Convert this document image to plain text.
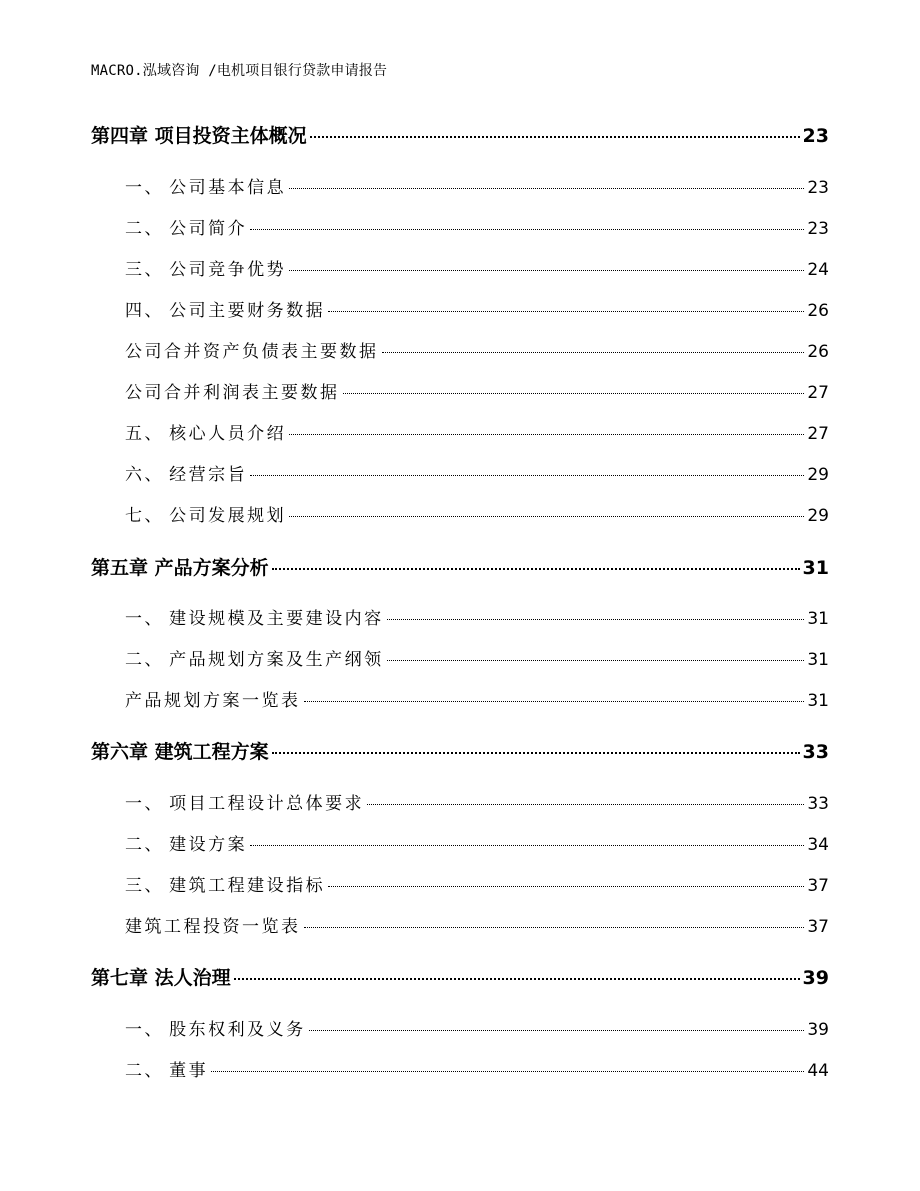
MACRO.泓域咨询 /电机项目银行贷款申请报告
第四章 项目投资主体概况	23
一、 公司基本信息	23
二、 公司简介	23
三、 公司竞争优势	24
四、 公司主要财务数据	26
公司合并资产负债表主要数据	26
公司合并利润表主要数据	27
五、 核心人员介绍	27
六、 经营宗旨	29
七、 公司发展规划	29
第五章 产品方案分析	31
一、 建设规模及主要建设内容	31
二、 产品规划方案及生产纲领	31
产品规划方案一览表	31
第六章 建筑工程方案	33
一、 项目工程设计总体要求	33
二、 建设方案	34
三、 建筑工程建设指标	37
建筑工程投资一览表	37
第七章 法人治理	39
一、 股东权利及义务	39
二、 董事	44
